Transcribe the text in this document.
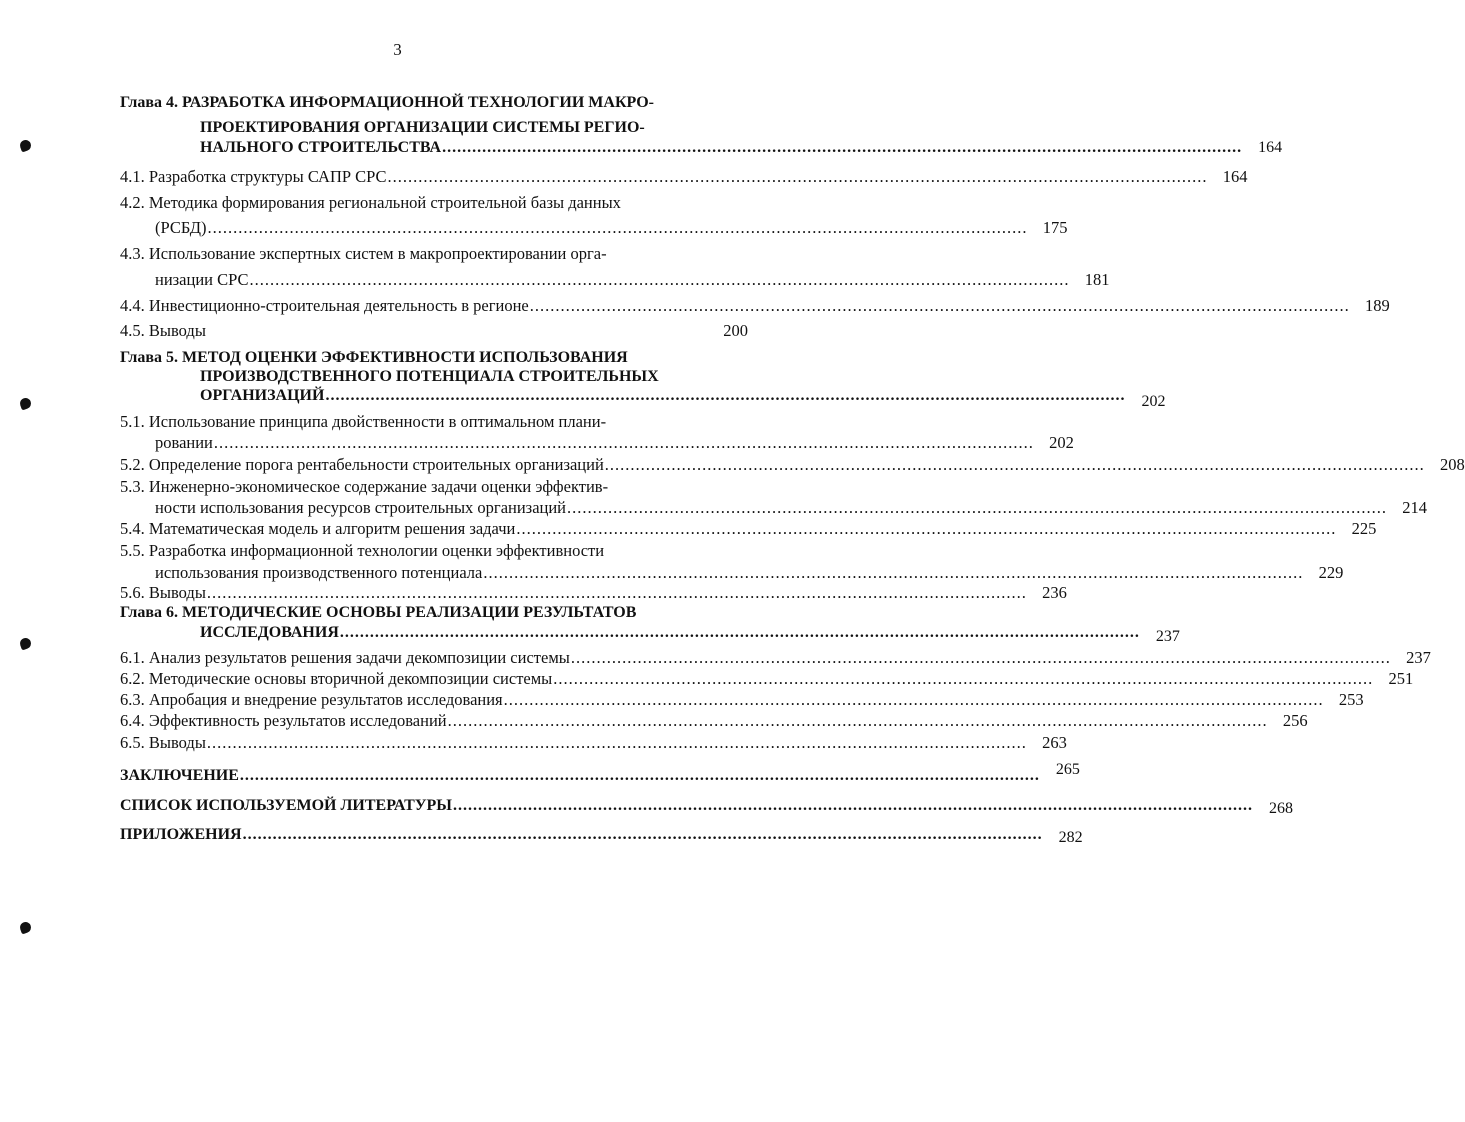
3
Глава 4. РАЗРАБОТКА ИНФОРМАЦИОННОЙ ТЕХНОЛОГИИ МАКРО-
ПРОЕКТИРОВАНИЯ ОРГАНИЗАЦИИ СИСТЕМЫ РЕГИО-
НАЛЬНОГО СТРОИТЕЛЬСТВА .....	164
4.1. Разработка структуры САПР СРС .....	164
4.2. Методика формирования региональной строительной базы данных
(РСБД) .....	175
4.3. Использование экспертных систем в макропроектировании орга-
низации СРС .....	181
4.4. Инвестиционно-строительная деятельность в регионе .....	189
4.5. Выводы	200
Глава 5. МЕТОД ОЦЕНКИ ЭФФЕКТИВНОСТИ ИСПОЛЬЗОВАНИЯ
ПРОИЗВОДСТВЕННОГО ПОТЕНЦИАЛА СТРОИТЕЛЬНЫХ
ОРГАНИЗАЦИЙ .....	202
5.1. Использование принципа двойственности в оптимальном плани-
ровании .....	202
5.2. Определение порога рентабельности строительных организаций .....	208
5.3. Инженерно-экономическое содержание задачи оценки эффектив-
ности использования ресурсов строительных организаций .....	214
5.4. Математическая модель и алгоритм решения задачи .....	225
5.5. Разработка информационной технологии оценки эффективности
использования производственного потенциала .....	229
5.6. Выводы .....	236
Глава 6. МЕТОДИЧЕСКИЕ ОСНОВЫ РЕАЛИЗАЦИИ РЕЗУЛЬТАТОВ
ИССЛЕДОВАНИЯ .....	237
6.1. Анализ результатов решения задачи декомпозиции системы .....	237
6.2. Методические основы вторичной декомпозиции системы .....	251
6.3. Апробация и внедрение результатов исследования .....	253
6.4. Эффективность результатов исследований .....	256
6.5. Выводы .....	263
ЗАКЛЮЧЕНИЕ .....	265
СПИСОК ИСПОЛЬЗУЕМОЙ ЛИТЕРАТУРЫ .....	268
ПРИЛОЖЕНИЯ .....	282
